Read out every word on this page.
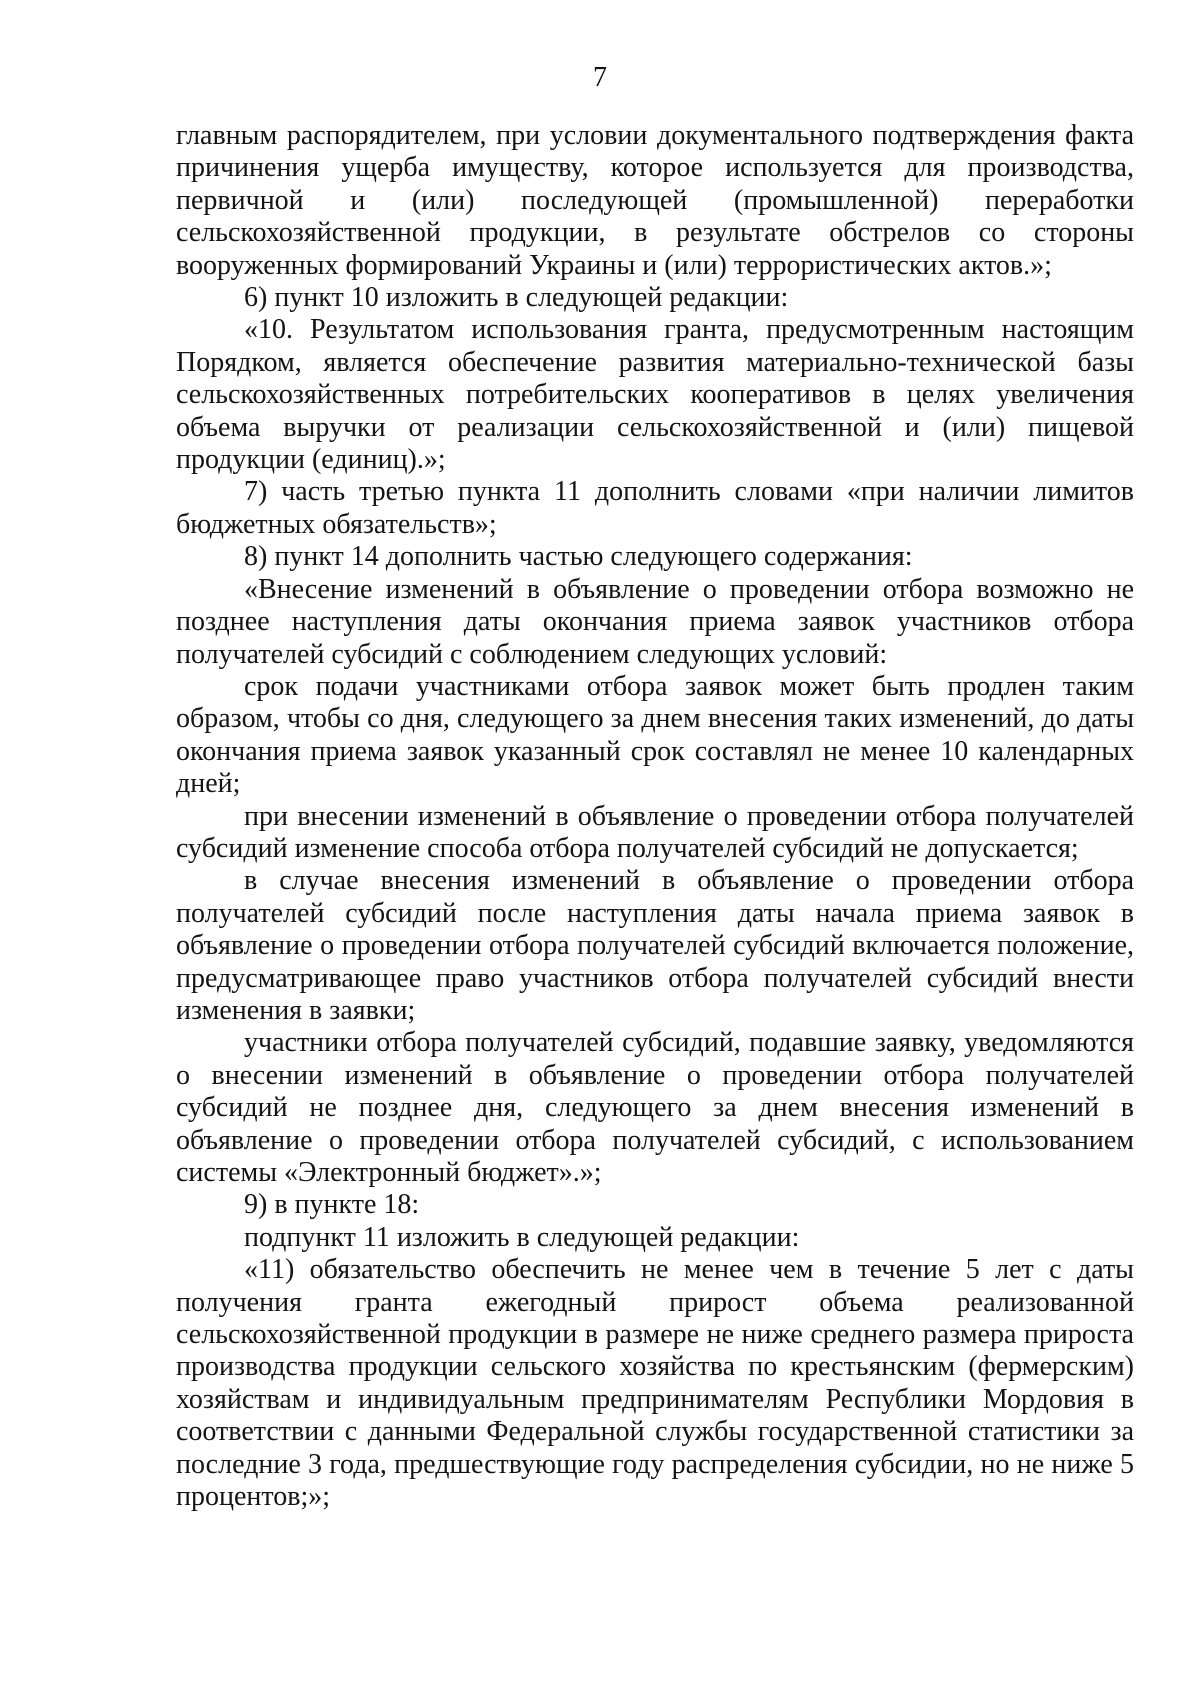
7

главным распорядителем, при условии документального подтверждения факта причинения ущерба имуществу, которое используется для производства, первичной и (или) последующей (промышленной) переработки сельскохозяйственной продукции, в результате обстрелов со стороны вооруженных формирований Украины и (или) террористических актов.»;

6) пункт 10 изложить в следующей редакции:

«10. Результатом использования гранта, предусмотренным настоящим Порядком, является обеспечение развития материально-технической базы сельскохозяйственных потребительских кооперативов в целях увеличения объема выручки от реализации сельскохозяйственной и (или) пищевой продукции (единиц).»;

7) часть третью пункта 11 дополнить словами «при наличии лимитов бюджетных обязательств»;

8) пункт 14 дополнить частью следующего содержания:

«Внесение изменений в объявление о проведении отбора возможно не позднее наступления даты окончания приема заявок участников отбора получателей субсидий с соблюдением следующих условий:

срок подачи участниками отбора заявок может быть продлен таким образом, чтобы со дня, следующего за днем внесения таких изменений, до даты окончания приема заявок указанный срок составлял не менее 10 календарных дней;

при внесении изменений в объявление о проведении отбора получателей субсидий изменение способа отбора получателей субсидий не допускается;

в случае внесения изменений в объявление о проведении отбора получателей субсидий после наступления даты начала приема заявок в объявление о проведении отбора получателей субсидий включается положение, предусматривающее право участников отбора получателей субсидий внести изменения в заявки;

участники отбора получателей субсидий, подавшие заявку, уведомляются о внесении изменений в объявление о проведении отбора получателей субсидий не позднее дня, следующего за днем внесения изменений в объявление о проведении отбора получателей субсидий, с использованием системы «Электронный бюджет».»;

9) в пункте 18:

подпункт 11 изложить в следующей редакции:

«11) обязательство обеспечить не менее чем в течение 5 лет с даты получения гранта ежегодный прирост объема реализованной сельскохозяйственной продукции в размере не ниже среднего размера прироста производства продукции сельского хозяйства по крестьянским (фермерским) хозяйствам и индивидуальным предпринимателям Республики Мордовия в соответствии с данными Федеральной службы государственной статистики за последние 3 года, предшествующие году распределения субсидии, но не ниже 5 процентов;»;
